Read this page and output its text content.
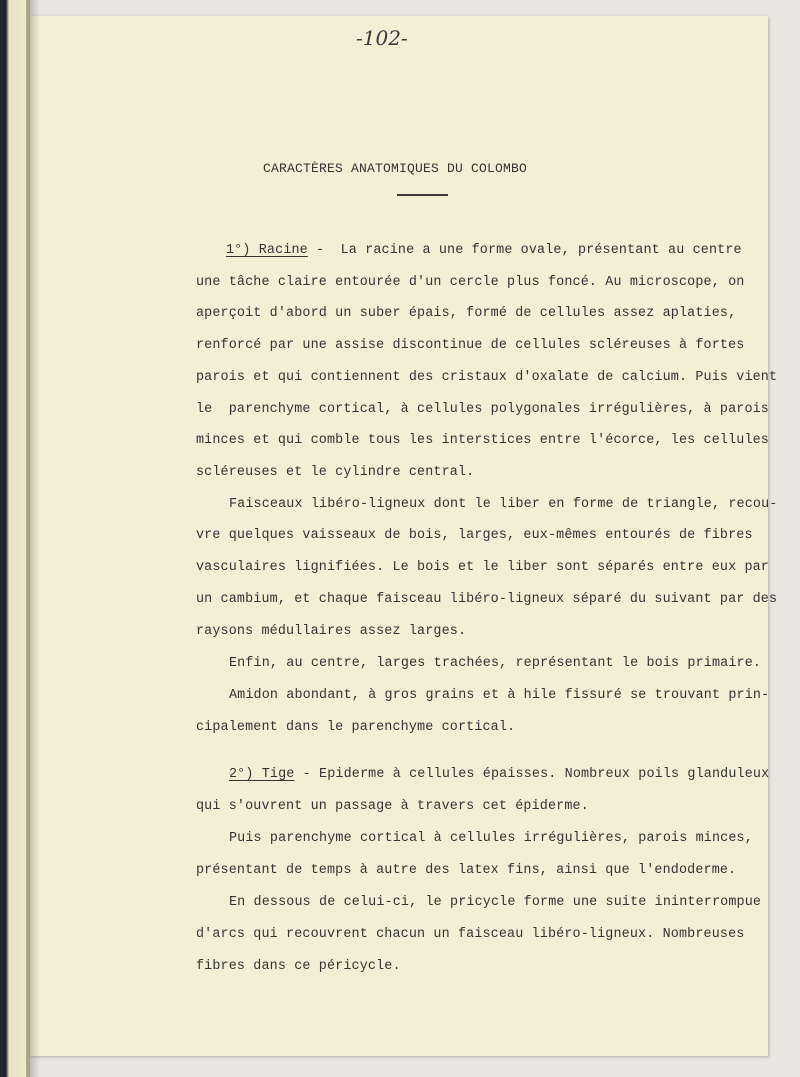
-102-
CARACTÈRES ANATOMIQUES DU COLOMBO
1°) Racine -  La racine a une forme ovale, présentant au centre
une tâche claire entourée d'un cercle plus foncé. Au microscope, on
aperçoit d'abord un suber épais, formé de cellules assez aplaties,
renforcé par une assise discontinue de cellules scléreuses à fortes
parois et qui contiennent des cristaux d'oxalate de calcium. Puis vient
le  parenchyme cortical, à cellules polygonales irrégulières, à parois
minces et qui comble tous les interstices entre l'écorce, les cellules
scléreuses et le cylindre central.
Faisceaux libéro-ligneux dont le liber en forme de triangle, recou-
vre quelques vaisseaux de bois, larges, eux-mêmes entourés de fibres
vasculaires lignifiées. Le bois et le liber sont séparés entre eux par
un cambium, et chaque faisceau libéro-ligneux séparé du suivant par des
raysons médullaires assez larges.
Enfin, au centre, larges trachées, représentant le bois primaire.
Amidon abondant, à gros grains et à hile fissuré se trouvant prin-
cipalement dans le parenchyme cortical.
2°) Tige - Epiderme à cellules épaisses. Nombreux poils glanduleux
qui s'ouvrent un passage à travers cet épiderme.
Puis parenchyme cortical à cellules irrégulières, parois minces,
présentant de temps à autre des latex fins, ainsi que l'endoderme.
En dessous de celui-ci, le pricycle forme une suite ininterrompue
d'arcs qui recouvrent chacun un faisceau libéro-ligneux. Nombreuses
fibres dans ce péricycle.
